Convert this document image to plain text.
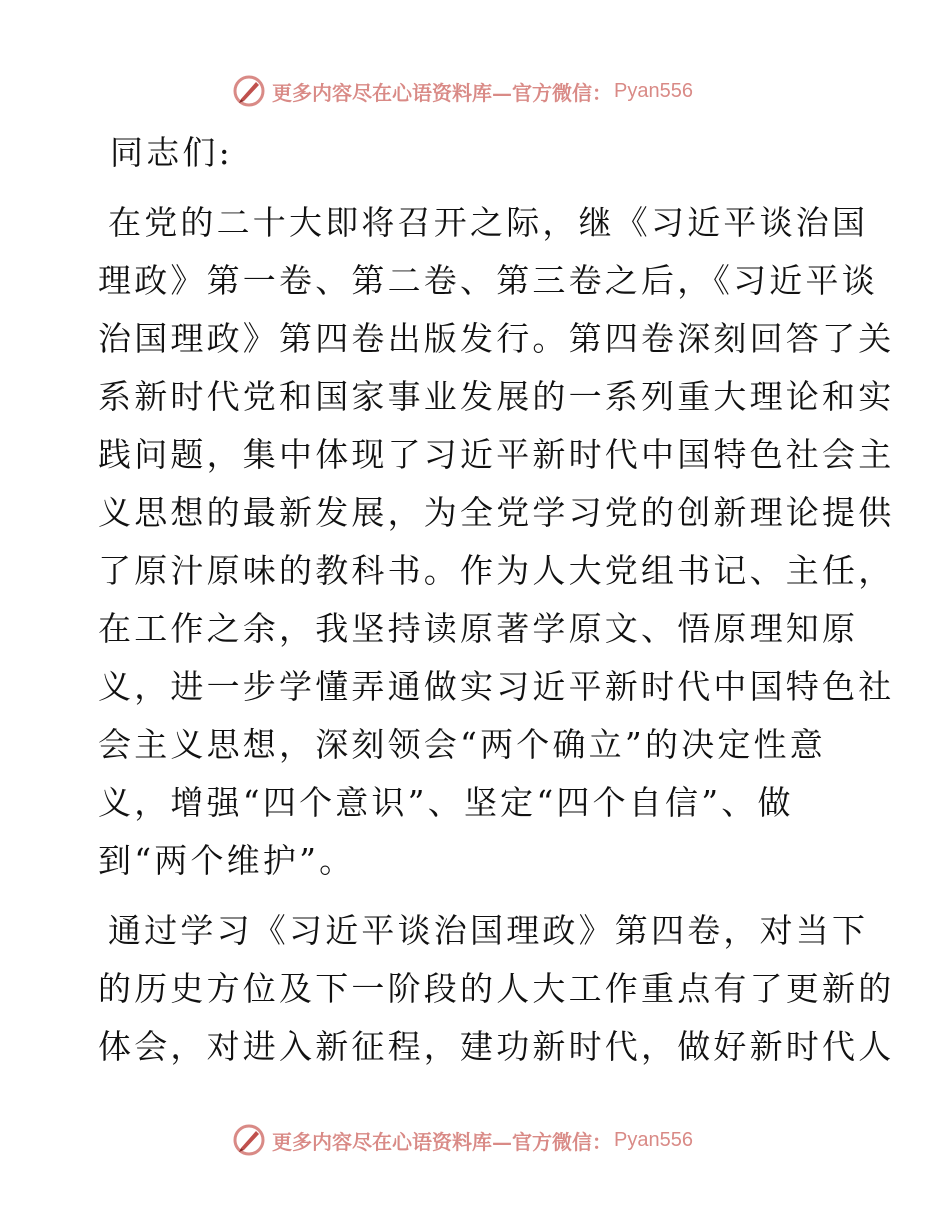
更多内容尽在心语资料库—官方微信： Pyan556
同志们:
在党的二十大即将召开之际，继《习近平谈治国
理政》第一卷、第二卷、第三卷之后，《习近平谈
治国理政》第四卷出版发行。第四卷深刻回答了关
系新时代党和国家事业发展的一系列重大理论和实
践问题，集中体现了习近平新时代中国特色社会主
义思想的最新发展，为全党学习党的创新理论提供
了原汁原味的教科书。作为人大党组书记、主任，
在工作之余，我坚持读原著学原文、悟原理知原
义，进一步学懂弄通做实习近平新时代中国特色社
会主义思想，深刻领会“两个确立”的决定性意
义，增强“四个意识”、坚定“四个自信”、做
到“两个维护”。
通过学习《习近平谈治国理政》第四卷，对当下
的历史方位及下一阶段的人大工作重点有了更新的
体会，对进入新征程，建功新时代，做好新时代人
更多内容尽在心语资料库—官方微信： Pyan556
